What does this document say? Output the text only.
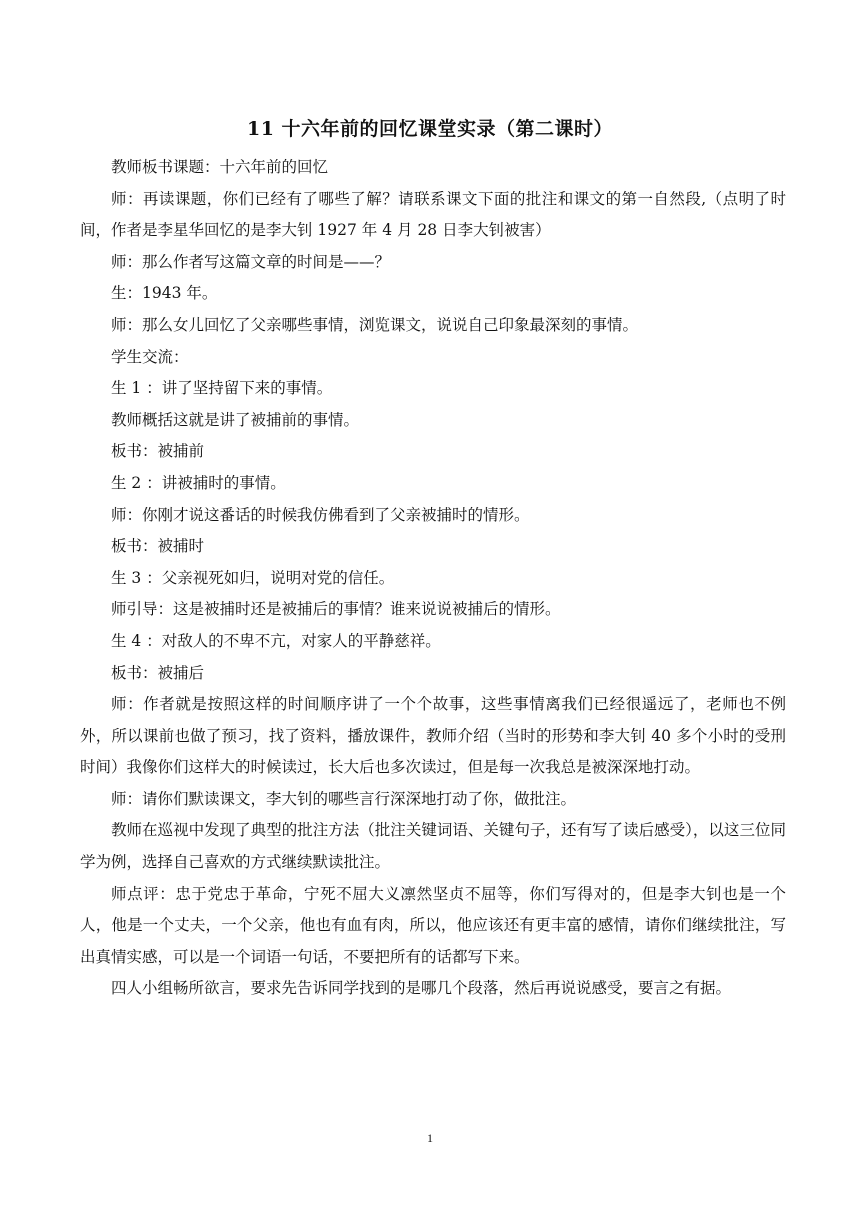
11 十六年前的回忆课堂实录（第二课时）

教师板书课题：十六年前的回忆

师：再读课题，你们已经有了哪些了解？请联系课文下面的批注和课文的第一自然段,（点明了时间，作者是李星华回忆的是李大钊 1927 年 4 月 28 日李大钊被害）

师：那么作者写这篇文章的时间是——？

生：1943 年。

师：那么女儿回忆了父亲哪些事情，浏览课文，说说自己印象最深刻的事情。

学生交流：

生 1 ：讲了坚持留下来的事情。

教师概括这就是讲了被捕前的事情。

板书：被捕前

生 2 ：讲被捕时的事情。

师：你刚才说这番话的时候我仿佛看到了父亲被捕时的情形。

板书：被捕时

生 3 ：父亲视死如归，说明对党的信任。

师引导：这是被捕时还是被捕后的事情？谁来说说被捕后的情形。

生 4 ：对敌人的不卑不亢，对家人的平静慈祥。

板书：被捕后

师：作者就是按照这样的时间顺序讲了一个个故事，这些事情离我们已经很遥远了，老师也不例外，所以课前也做了预习，找了资料，播放课件，教师介绍（当时的形势和李大钊 40 多个小时的受刑时间）我像你们这样大的时候读过，长大后也多次读过，但是每一次我总是被深深地打动。

师：请你们默读课文，李大钊的哪些言行深深地打动了你，做批注。

教师在巡视中发现了典型的批注方法（批注关键词语、关键句子，还有写了读后感受），以这三位同学为例，选择自己喜欢的方式继续默读批注。

师点评：忠于党忠于革命，宁死不屈大义凛然坚贞不屈等，你们写得对的，但是李大钊也是一个人，他是一个丈夫，一个父亲，他也有血有肉，所以，他应该还有更丰富的感情，请你们继续批注，写出真情实感，可以是一个词语一句话，不要把所有的话都写下来。

四人小组畅所欲言，要求先告诉同学找到的是哪几个段落，然后再说说感受，要言之有据。

1
